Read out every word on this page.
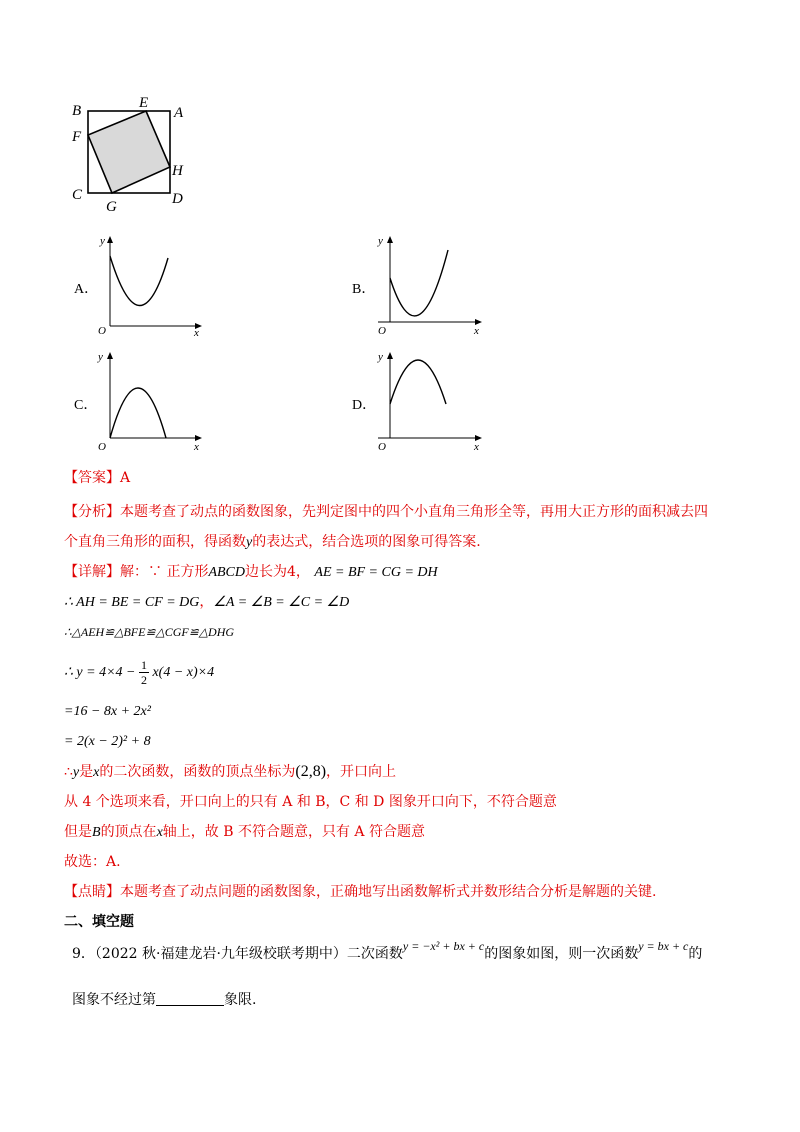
B	E
A
F
H
C
G	D
A．
y
x
O
B．
y
x
O
C．
y
x
O
D．
y
x
O
【答案】A
【分析】本题考查了动点的函数图象，先判定图中的四个小直角三角形全等，再用大正方形的面积减去四
个直角三角形的面积，得函数y的表达式，结合选项的图象可得答案.
【详解】解：∵ 正方形ABCD边长为4， AE = BF = CG = DH
∴ AH = BE = CF = DG，∠A = ∠B = ∠C = ∠D
∴△AEH≌△BFE≌△CGF≌△DHG
∴ $y = 4\times 4 - \frac{1}{2} x(4 - x)\times 4$
=16 − 8x + 2x²
= 2(x − 2)² + 8
∴y是x的二次函数，函数的顶点坐标为(2,8)，开口向上
从 4 个选项来看，开口向上的只有 A 和 B，C 和 D 图象开口向下，不符合题意
但是B的顶点在x轴上，故 B 不符合题意，只有 A 符合题意
故选：A.
【点睛】本题考查了动点问题的函数图象，正确地写出函数解析式并数形结合分析是解题的关键.
二、填空题
9．（2022 秋·福建龙岩·九年级校联考期中）二次函数y = −x² + bx + c的图象如图，则一次函数y = bx + c的
图象不经过第	象限.
